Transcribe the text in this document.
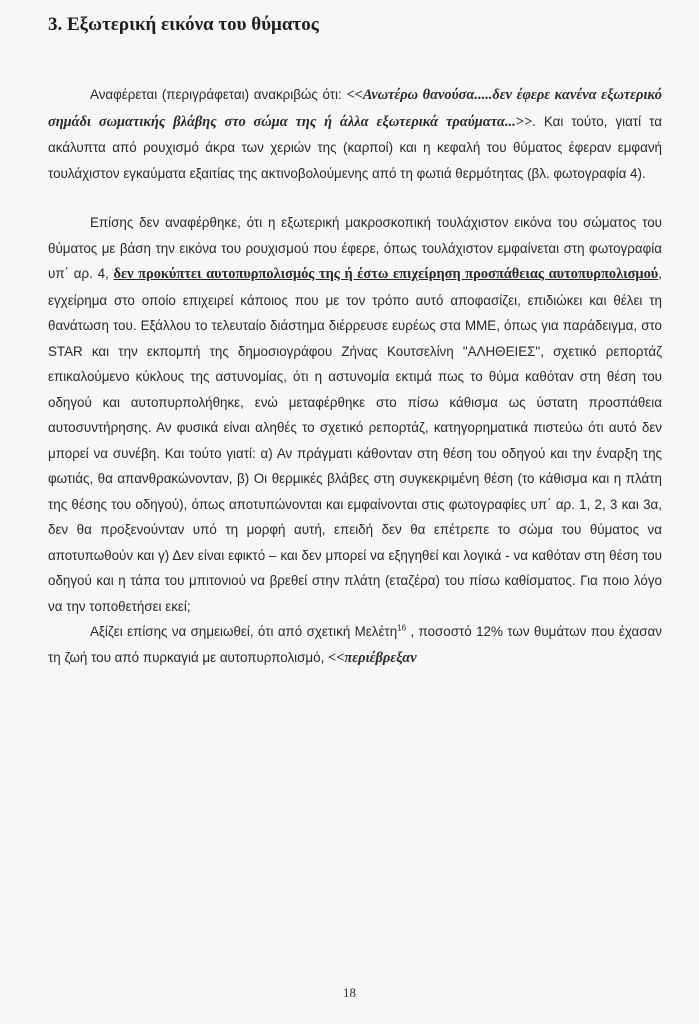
3. Εξωτερική εικόνα του θύματος

Αναφέρεται (περιγράφεται) ανακριβώς ότι: <<Ανωτέρω θανούσα.....δεν έφερε κανένα εξωτερικό σημάδι σωματικής βλάβης στο σώμα της ή άλλα εξωτερικά τραύματα...>>. Και τούτο, γιατί τα ακάλυπτα από ρουχισμό άκρα των χεριών της (καρποί) και η κεφαλή του θύματος έφεραν εμφανή τουλάχιστον εγκαύματα εξαιτίας της ακτινοβολούμενης από τη φωτιά θερμότητας (βλ. φωτογραφία 4).

Επίσης δεν αναφέρθηκε, ότι η εξωτερική μακροσκοπική τουλάχιστον εικόνα του σώματος του θύματος με βάση την εικόνα του ρουχισμού που έφερε, όπως τουλάχιστον εμφαίνεται στη φωτογραφία υπ΄ αρ. 4, δεν προκύπτει αυτοπυρπολισμός της ή έστω επιχείρηση προσπάθειας αυτοπυρπολισμού, εγχείρημα στο οποίο επιχειρεί κάποιος που με τον τρόπο αυτό αποφασίζει, επιδιώκει και θέλει τη θανάτωση του. Εξάλλου το τελευταίο διάστημα διέρρευσε ευρέως στα ΜΜΕ, όπως για παράδειγμα, στο STAR και την εκπομπή της δημοσιογράφου Ζήνας Κουτσελίνη "ΑΛΗΘΕΙΕΣ", σχετικό ρεπορτάζ επικαλούμενο κύκλους της αστυνομίας, ότι η αστυνομία εκτιμά πως το θύμα καθόταν στη θέση του οδηγού και αυτοπυρπολήθηκε, ενώ μεταφέρθηκε στο πίσω κάθισμα ως ύστατη προσπάθεια αυτοσυντήρησης. Αν φυσικά είναι αληθές το σχετικό ρεπορτάζ, κατηγορηματικά πιστεύω ότι αυτό δεν μπορεί να συνέβη. Και τούτο γιατί: α) Αν πράγματι κάθονταν στη θέση του οδηγού και την έναρξη της φωτιάς, θα απανθρακώνονταν, β) Οι θερμικές βλάβες στη συγκεκριμένη θέση (το κάθισμα και η πλάτη της θέσης του οδηγού), όπως αποτυπώνονται και εμφαίνονται στις φωτογραφίες υπ΄ αρ. 1, 2, 3 και 3α, δεν θα προξενούνταν υπό τη μορφή αυτή, επειδή δεν θα επέτρεπε το σώμα του θύματος να αποτυπωθούν και γ) Δεν είναι εφικτό – και δεν μπορεί να εξηγηθεί και λογικά - να καθόταν στη θέση του οδηγού και η τάπα του μπιτονιού να βρεθεί στην πλάτη (εταζέρα) του πίσω καθίσματος. Για ποιο λόγο να την τοποθετήσει εκεί;

Αξίζει επίσης να σημειωθεί, ότι από σχετική Μελέτη$^{16}$ , ποσοστό 12% των θυμάτων που έχασαν τη ζωή του από πυρκαγιά με αυτοπυρπολισμό, <<περιέβρεξαν

18
